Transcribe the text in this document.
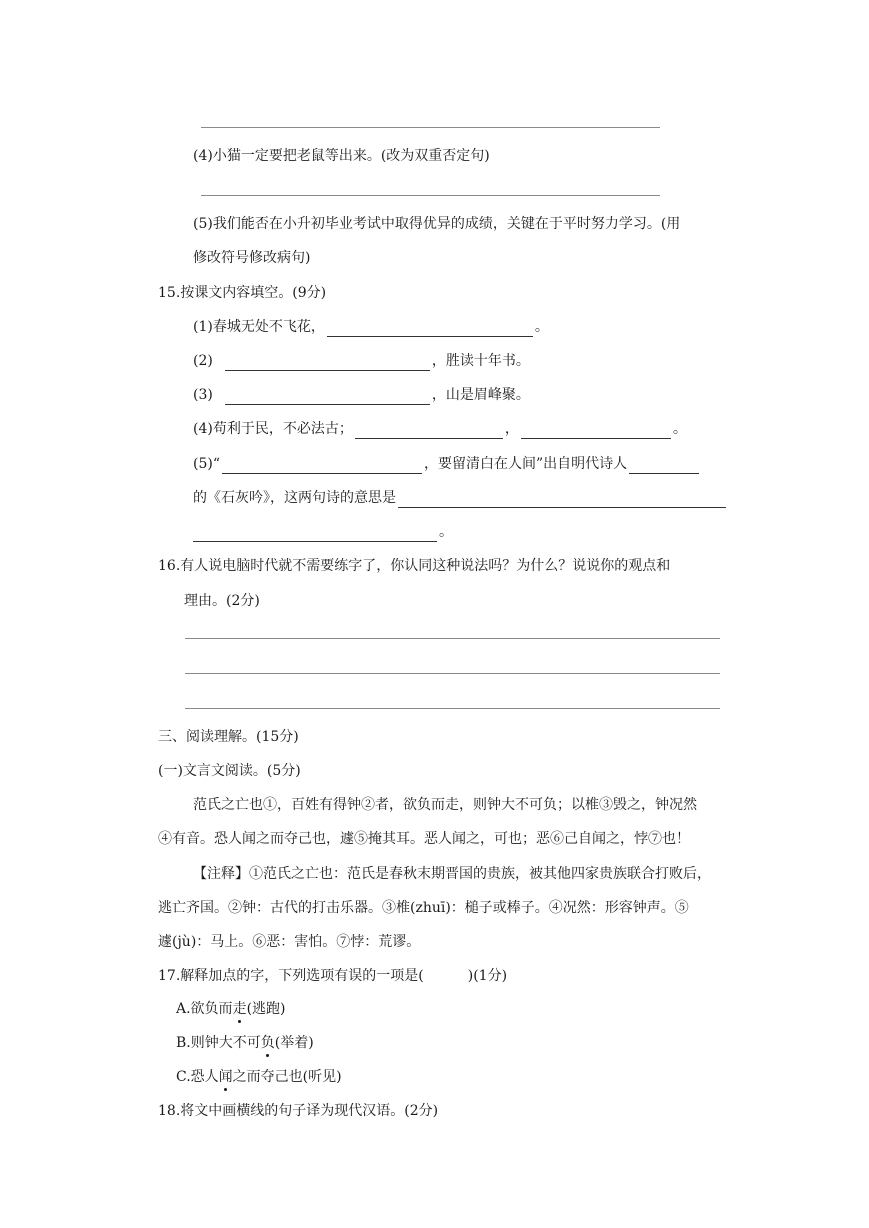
(4)小猫一定要把老鼠等出来。(改为双重否定句)
(5)我们能否在小升初毕业考试中取得优异的成绩，关键在于平时努力学习。(用
修改符号修改病句)
15.按课文内容填空。(9分)
(1)春城无处不飞花，	。
(2)	，胜读十年书。
(3)	，山是眉峰聚。
(4)苟利于民，不必法古；	，	。
(5)“	，要留清白在人间”出自明代诗人
的《石灰吟》，这两句诗的意思是
。
16.有人说电脑时代就不需要练字了，你认同这种说法吗？为什么？说说你的观点和
理由。(2分)
三、阅读理解。(15分)
(一)文言文阅读。(5分)
范氏之亡也①，百姓有得钟②者，欲负而走，则钟大不可负；以椎③毁之，钟况然
④有音。恐人闻之而夺己也，遽⑤掩其耳。恶人闻之，可也；恶⑥己自闻之，悖⑦也！
【注释】①范氏之亡也：范氏是春秋末期晋国的贵族，被其他四家贵族联合打败后，
逃亡齐国。②钟：古代的打击乐器。③椎(zhuī)：槌子或棒子。④况然：形容钟声。⑤
遽(jù)：马上。⑥恶：害怕。⑦悖：荒谬。
17.解释加点的字，下列选项有误的一项是(	)(1分)
A.欲负而走(逃跑)
B.则钟大不可负(举着)
C.恐人闻之而夺己也(听见)
18.将文中画横线的句子译为现代汉语。(2分)
